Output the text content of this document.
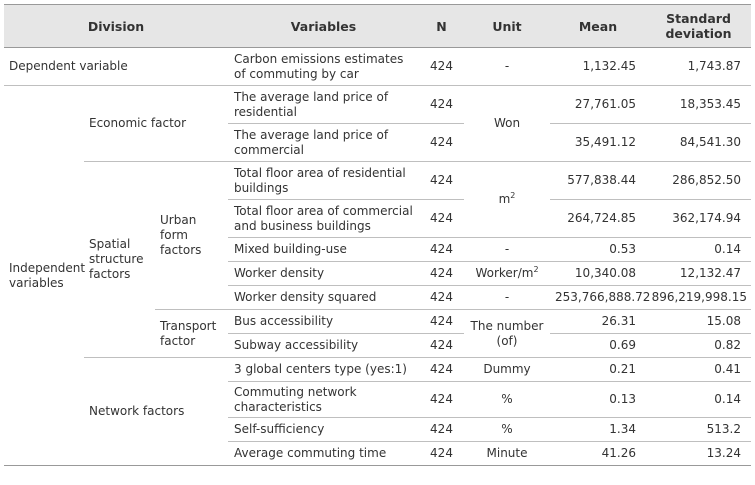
Division			Variables	N	Unit	Mean	Standard
deviation
Dependent variable			Carbon emissions estimates of commuting by car	424	-	1,132.45	1,743.87
Independent variables	Economic factor		The average land price of residential	424	Won	27,761.05	18,353.45
			The average land price of commercial	424		35,491.12	84,541.30
	Spatial structure factors	Urban form factors	Total floor area of residential buildings	424	$m^2$	577,838.44	286,852.50
			Total floor area of commercial and business buildings	424		264,724.85	362,174.94
			Mixed building-use	424	-	0.53	0.14
			Worker density	424	Worker/$m^2$	10,340.08	12,132.47
			Worker density squared	424	-	253,766,888.72	896,219,998.15
		Transport factor	Bus accessibility	424	The number (of)	26.31	15.08
			Subway accessibility	424		0.69	0.82
	Network factors		3 global centers type (yes:1)	424	Dummy	0.21	0.41
			Commuting network characteristics	424	%	0.13	0.14
			Self-sufficiency	424	%	1.34	513.2
			Average commuting time	424	Minute	41.26	13.24
